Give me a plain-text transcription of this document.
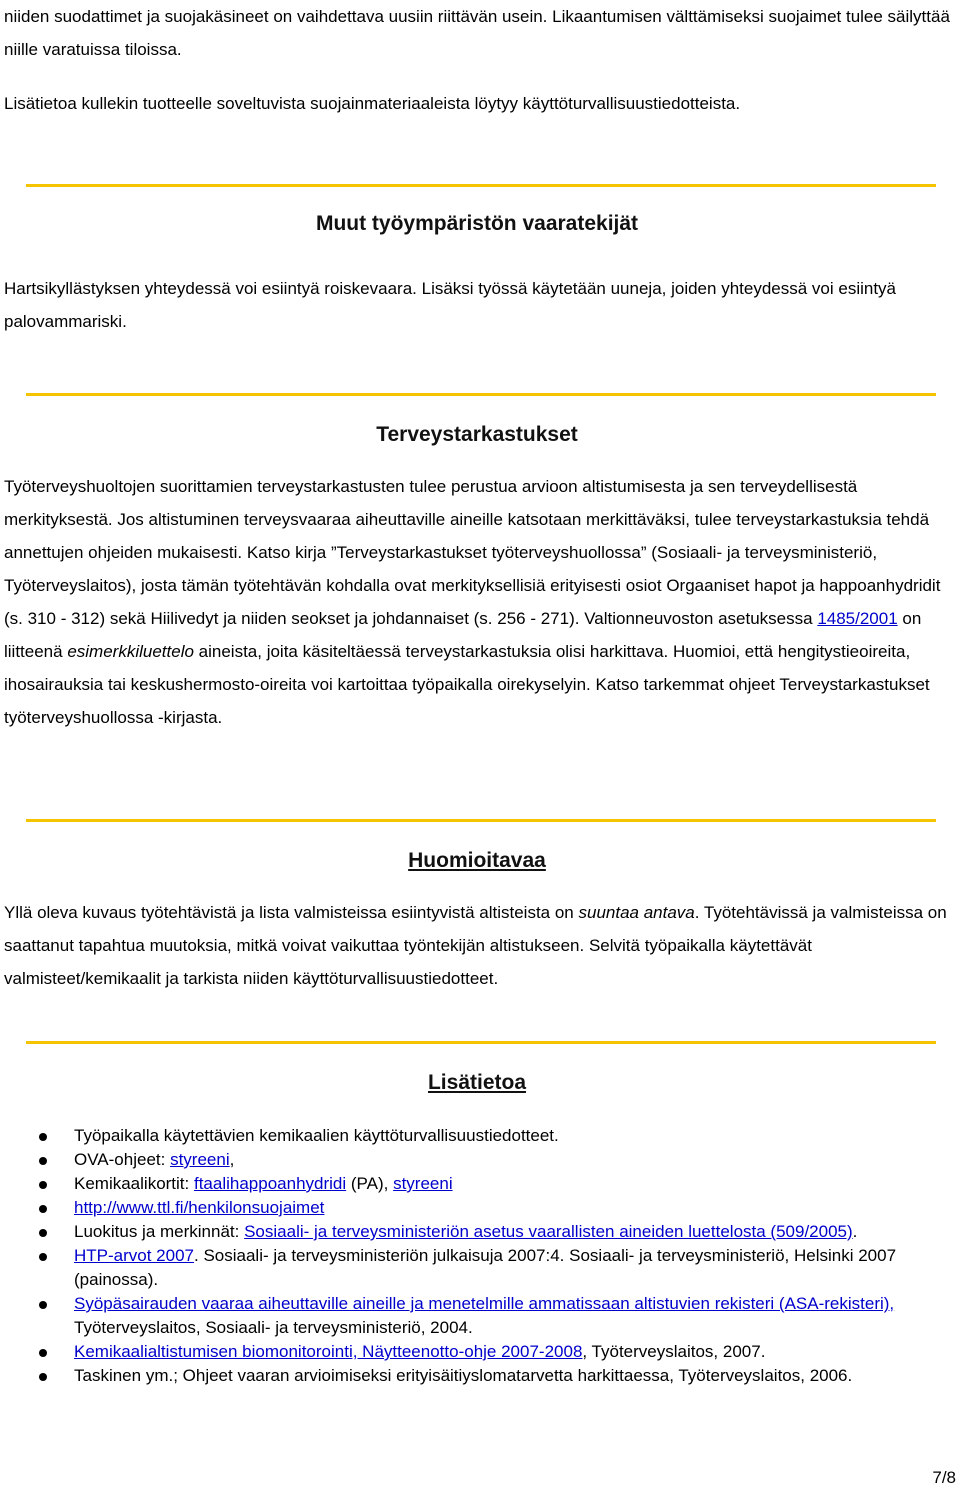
niiden suodattimet ja suojakäsineet on vaihdettava uusiin riittävän usein. Likaantumisen välttämiseksi suojaimet tulee säilyttää niille varatuissa tiloissa.

Lisätietoa kullekin tuotteelle soveltuvista suojainmateriaaleista löytyy käyttöturvallisuustiedotteista.

Muut työympäristön vaaratekijät

Hartsikyllästyksen yhteydessä voi esiintyä roiskevaara. Lisäksi työssä käytetään uuneja, joiden yhteydessä voi esiintyä palovammariski.

Terveystarkastukset

Työterveyshuoltojen suorittamien terveystarkastusten tulee perustua arvioon altistumisesta ja sen terveydellisestä merkityksestä. Jos altistuminen terveysvaaraa aiheuttaville aineille katsotaan merkittäväksi, tulee terveystarkastuksia tehdä annettujen ohjeiden mukaisesti. Katso kirja ”Terveystarkastukset työterveyshuollossa” (Sosiaali- ja terveysministeriö, Työterveyslaitos), josta tämän työtehtävän kohdalla ovat merkityksellisiä erityisesti osiot Orgaaniset hapot ja happoanhydridit (s. 310 - 312) sekä Hiilivedyt ja niiden seokset ja johdannaiset (s. 256 - 271). Valtionneuvoston asetuksessa 1485/2001 on liitteenä esimerkkiluettelo aineista, joita käsiteltäessä terveystarkastuksia olisi harkittava. Huomioi, että hengitystieoireita, ihosairauksia tai keskushermosto-oireita voi kartoittaa työpaikalla oirekyselyin. Katso tarkemmat ohjeet Terveystarkastukset työterveyshuollossa -kirjasta.

Huomioitavaa

Yllä oleva kuvaus työtehtävistä ja lista valmisteissa esiintyvistä altisteista on suuntaa antava. Työtehtävissä ja valmisteissa on saattanut tapahtua muutoksia, mitkä voivat vaikuttaa työntekijän altistukseen. Selvitä työpaikalla käytettävät valmisteet/kemikaalit ja tarkista niiden käyttöturvallisuustiedotteet.

Lisätietoa
Työpaikalla käytettävien kemikaalien käyttöturvallisuustiedotteet.
OVA-ohjeet: styreeni,
Kemikaalikortit: ftaalihappoanhydridi (PA), styreeni
http://www.ttl.fi/henkilonsuojaimet
Luokitus ja merkinnät: Sosiaali- ja terveysministeriön asetus vaarallisten aineiden luettelosta (509/2005).
HTP-arvot 2007. Sosiaali- ja terveysministeriön julkaisuja 2007:4. Sosiaali- ja terveysministeriö, Helsinki 2007 (painossa).
Syöpäsairauden vaaraa aiheuttaville aineille ja menetelmille ammatissaan altistuvien rekisteri (ASA-rekisteri), Työterveyslaitos, Sosiaali- ja terveysministeriö, 2004.
Kemikaalialtistumisen biomonitorointi, Näytteenotto-ohje 2007-2008, Työterveyslaitos, 2007.
Taskinen ym.; Ohjeet vaaran arvioimiseksi erityisäitiyslomatarvetta harkittaessa, Työterveyslaitos, 2006.
7/8
